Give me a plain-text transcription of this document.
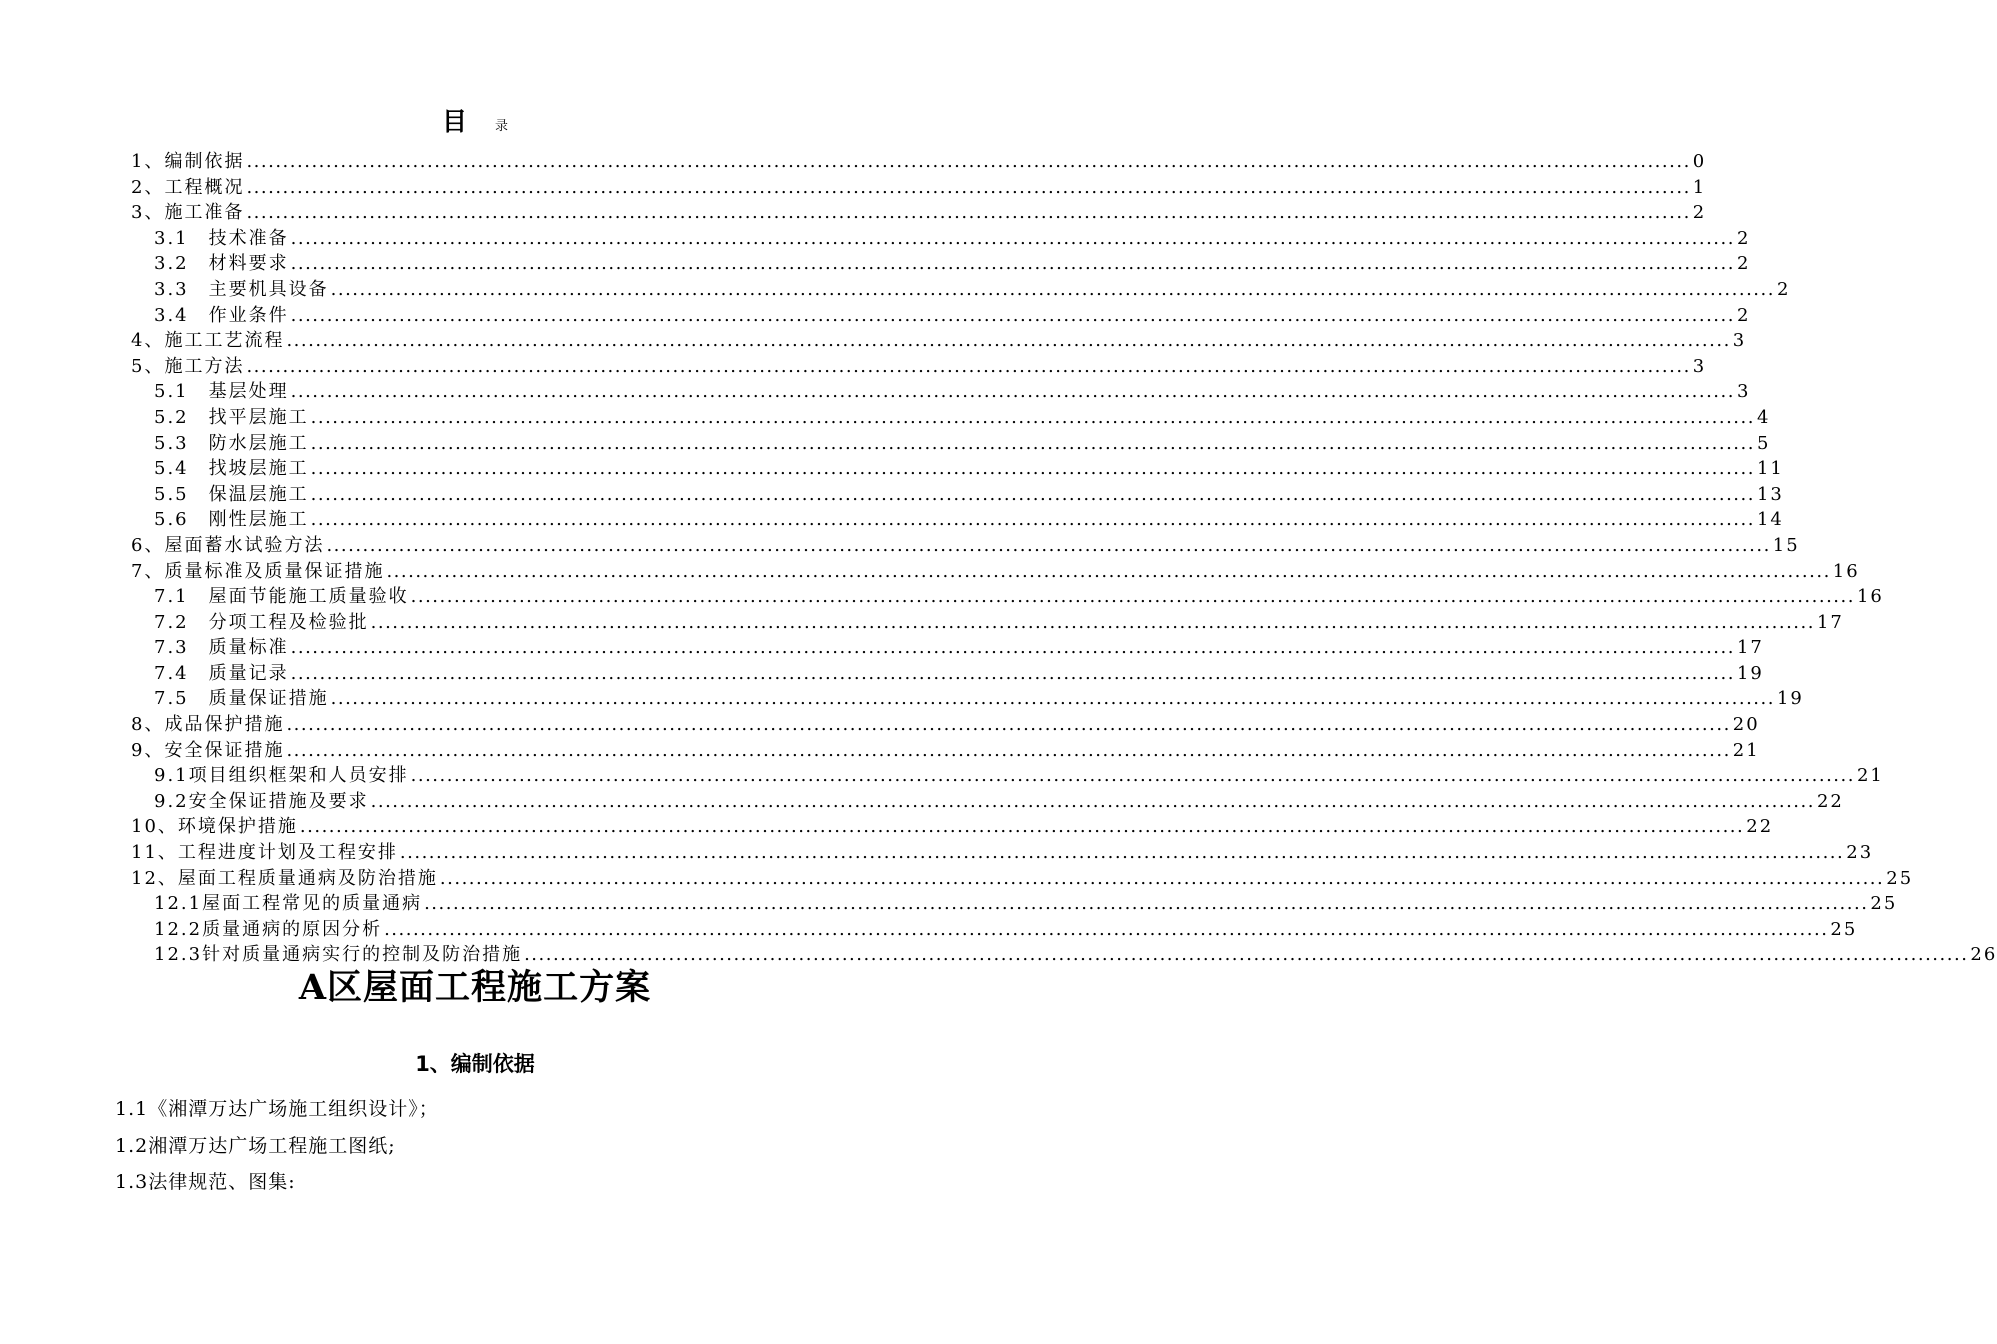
目 录
1、编制依据 ........................................................................................................................................................................................................ 0
2、工程概况 ........................................................................................................................................................................................................ 1
3、施工准备 ........................................................................................................................................................................................................ 2
3.1　技术准备 ........................................................................................................................................................................................................ 2
3.2　材料要求 ........................................................................................................................................................................................................ 2
3.3　主要机具设备 ........................................................................................................................................................................................................ 2
3.4　作业条件 ........................................................................................................................................................................................................ 2
4、施工工艺流程 ........................................................................................................................................................................................................ 3
5、施工方法 ........................................................................................................................................................................................................ 3
5.1　基层处理 ........................................................................................................................................................................................................ 3
5.2　找平层施工 ........................................................................................................................................................................................................ 4
5.3　防水层施工 ........................................................................................................................................................................................................ 5
5.4　找坡层施工 ........................................................................................................................................................................................................ 11
5.5　保温层施工 ........................................................................................................................................................................................................ 13
5.6　刚性层施工 ........................................................................................................................................................................................................ 14
6、屋面蓄水试验方法 ........................................................................................................................................................................................................ 15
7、质量标准及质量保证措施 ........................................................................................................................................................................................................ 16
7.1　屋面节能施工质量验收 ........................................................................................................................................................................................................ 16
7.2　分项工程及检验批 ........................................................................................................................................................................................................ 17
7.3　质量标准 ........................................................................................................................................................................................................ 17
7.4　质量记录 ........................................................................................................................................................................................................ 19
7.5　质量保证措施 ........................................................................................................................................................................................................ 19
8、成品保护措施 ........................................................................................................................................................................................................ 20
9、安全保证措施 ........................................................................................................................................................................................................ 21
9.1项目组织框架和人员安排 ........................................................................................................................................................................................................ 21
9.2安全保证措施及要求 ........................................................................................................................................................................................................ 22
10、环境保护措施 ........................................................................................................................................................................................................ 22
11、工程进度计划及工程安排 ........................................................................................................................................................................................................ 23
12、屋面工程质量通病及防治措施 ........................................................................................................................................................................................................ 25
12.1屋面工程常见的质量通病 ........................................................................................................................................................................................................ 25
12.2质量通病的原因分析 ........................................................................................................................................................................................................ 25
12.3针对质量通病实行的控制及防治措施 ........................................................................................................................................................................................................ 26
A区屋面工程施工方案
1、编制依据
1.1《湘潭万达广场施工组织设计》；
1.2湘潭万达广场工程施工图纸;
1.3法律规范、图集:
